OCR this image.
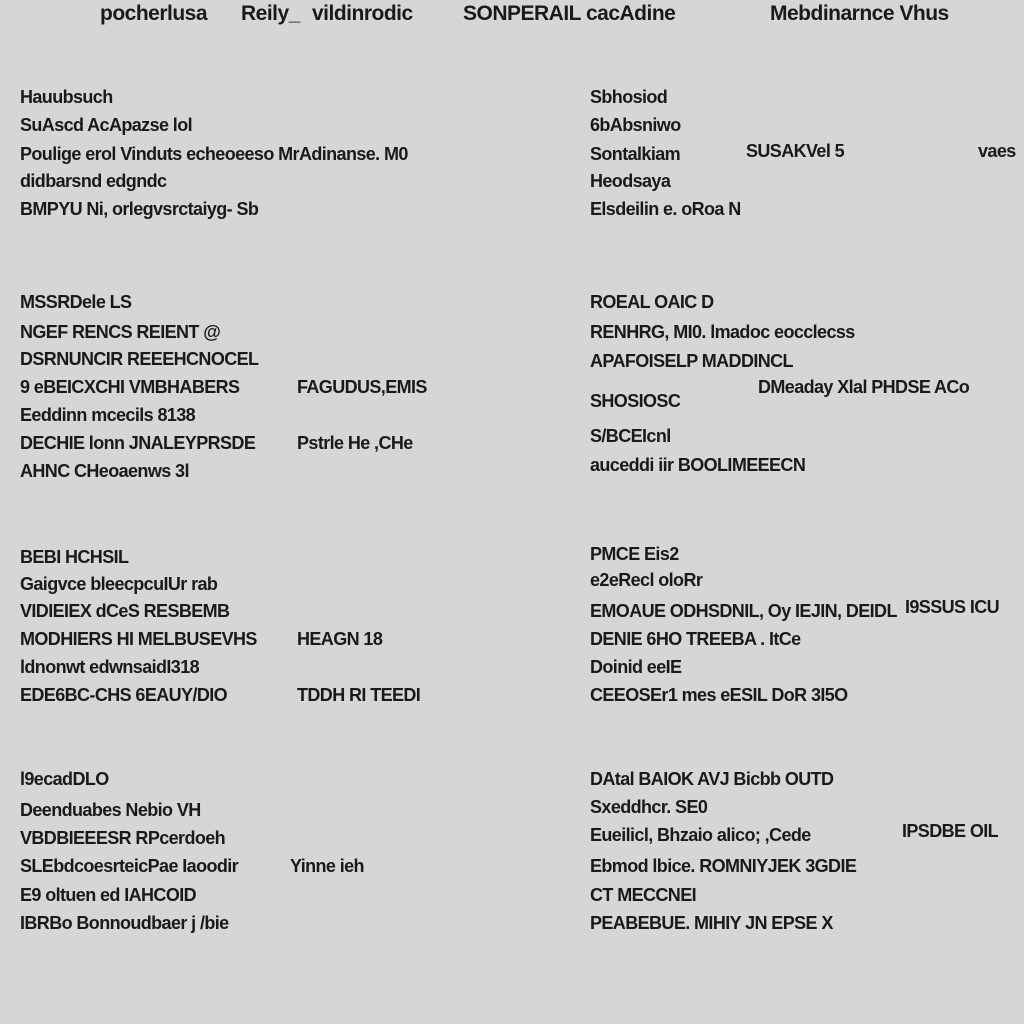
pocherlusa Reily_ vildinrodic SONPERAIL cacAdine	Mebdinarnce Vhus
Hauubsuch
SuAscd AcApazse lol
Poulige erol Vinduts echeoeeso MrAdinanse. M0
didbarsnd edgndc
BMPYU Ni, orlegvsrctaiyg- Sb
Sbhosiod
6bAbsniwo
Sontalkiam
Heodsaya
Elsdeilin e. oRoa N
SUSAKVel 5	vaes
MSSRDele LS
NGEF RENCS REIENT @
DSRNUNCIR REEEHCNOCEL
9 eBEICXCHI VMBHABERS
Eeddinn mcecils 8138
DECHIE lonn JNALEYPRSDE
AHNC CHeoaenws 3l
FAGUDUS,EMIS
Pstrle He ,CHe
ROEAL OAIC D
RENHRG, MI0. lmadoc eocclecss
APAFOISELP MADDINCL
SHOSIOSC
S/BCEIcnl
auceddi iir BOOLIMEEECN
DMeaday Xlal PHDSE ACo
BEBI HCHSIL
Gaigvce bleecpcuIUr rab
VIDIEIEX dCeS RESBEMB
MODHIERS HI MELBUSEVHS
ldnonwt edwnsaidI318
EDE6BC-CHS 6EAUY/DIO
HEAGN 18
TDDH RI TEEDI
PMCE Eis2
e2eRecl oloRr
EMOAUE ODHSDNIL, Oy IEJIN, DEIDL
DENIE 6HO TREEBA . ItCe
Doinid eeIE
CEEOSEr1 mes eESIL DoR 3I5O
I9SSUS ICU
l9ecadDLO
Deenduabes Nebio VH
VBDBIEEESR RPcerdoeh
SLEbdcoesrteicPae Iaoodir
E9 oltuen ed IAHCOID
IBRBo Bonnoudbaer j /bie
Yinne ieh
DAtal BAIOK AVJ Bicbb OUTD
Sxeddhcr. SE0
Eueilicl, Bhzaio alico; ,Cede
Ebmod lbice. ROMNIYJEK 3GDIE
CT MECCNEI
PEABEBUE. MIHIY JN EPSE X
IPSDBE OIL
